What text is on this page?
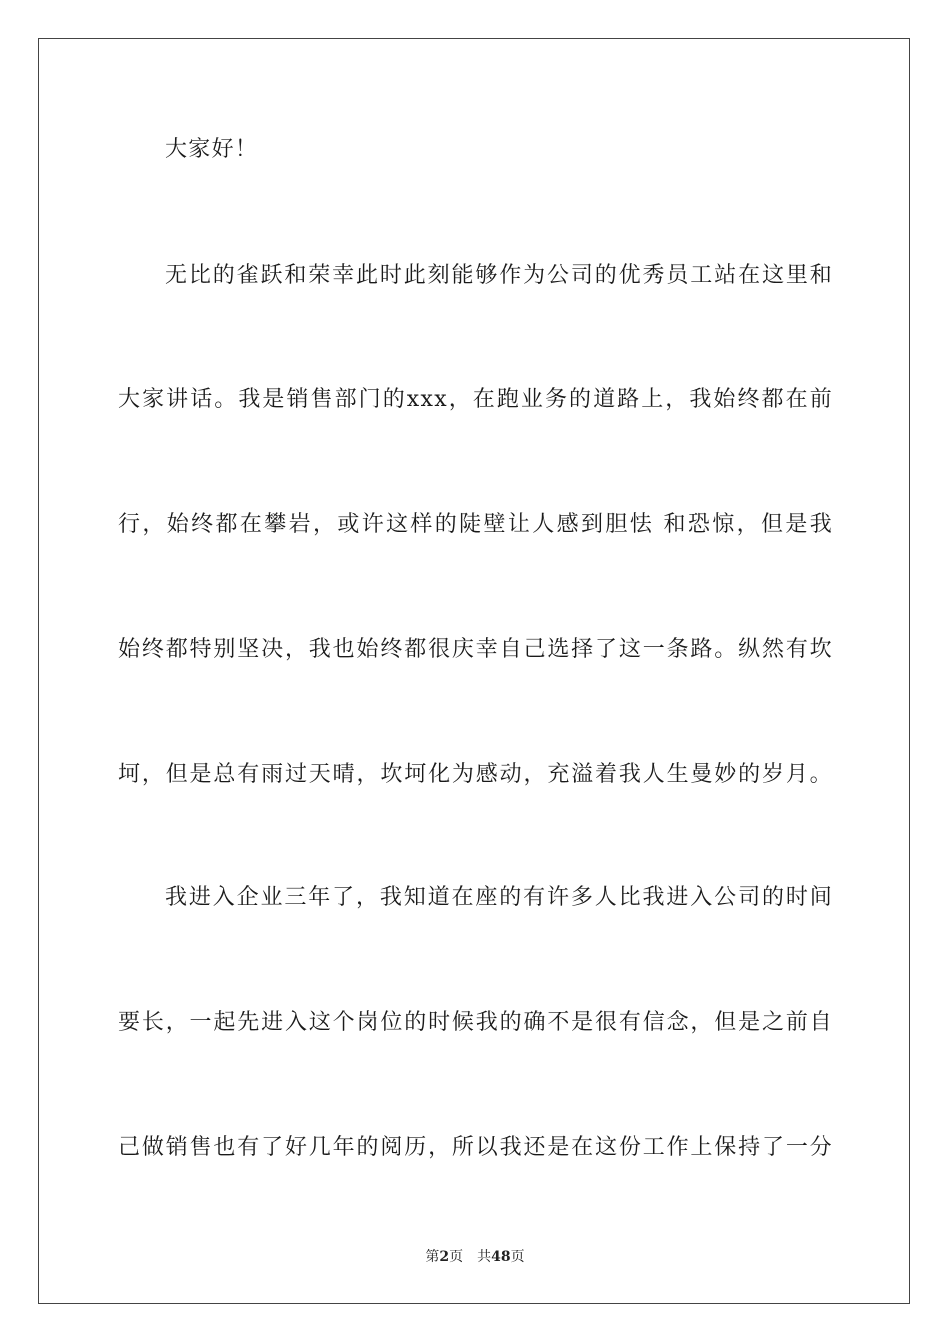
大家好！
无比的雀跃和荣幸此时此刻能够作为公司的优秀员工站在这里和
大家讲话。我是销售部门的xxx，在跑业务的道路上，我始终都在前
行，始终都在攀岩，或许这样的陡壁让人感到胆怯 和恐惊，但是我
始终都特别坚决，我也始终都很庆幸自己选择了这一条路。纵然有坎
坷，但是总有雨过天晴，坎坷化为感动，充溢着我人生曼妙的岁月。
我进入企业三年了，我知道在座的有许多人比我进入公司的时间
要长，一起先进入这个岗位的时候我的确不是很有信念，但是之前自
己做销售也有了好几年的阅历，所以我还是在这份工作上保持了一分
第2页　共48页
